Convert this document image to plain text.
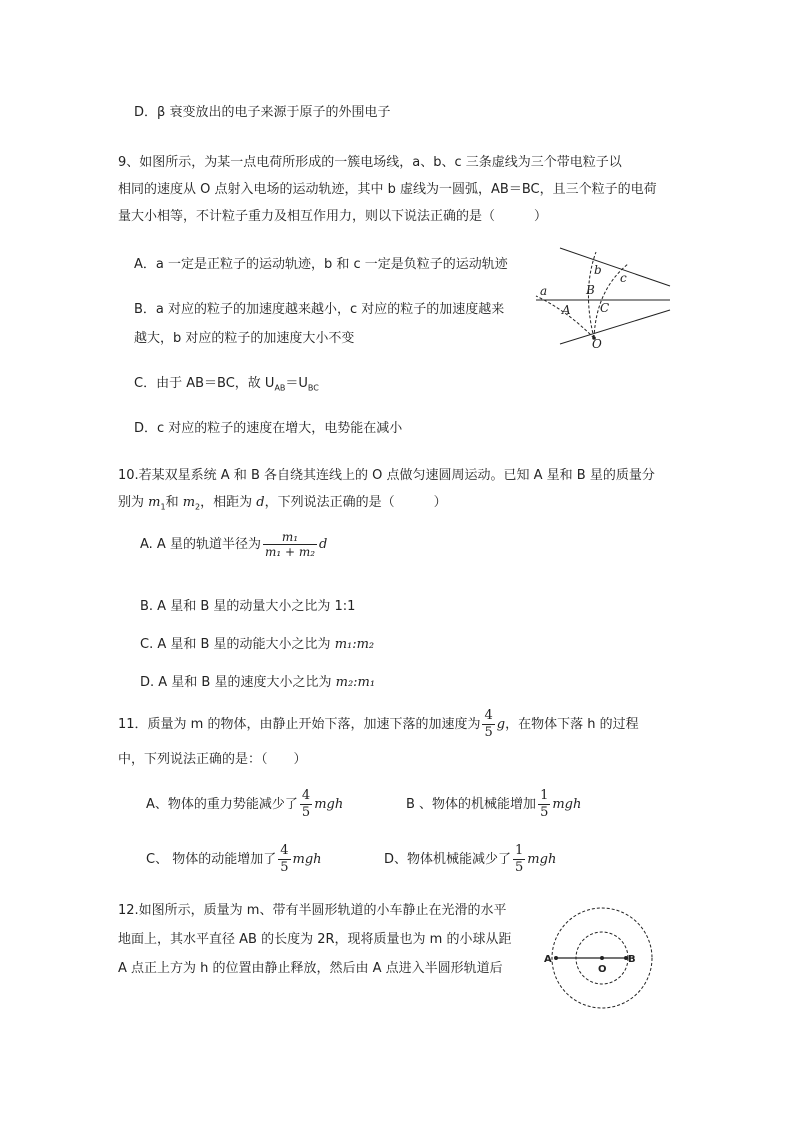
D．β 衰变放出的电子来源于原子的外围电子
9、如图所示，为某一点电荷所形成的一簇电场线，a、b、c 三条虚线为三个带电粒子以
相同的速度从 O 点射入电场的运动轨迹，其中 b 虚线为一圆弧，AB＝BC，且三个粒子的电荷
量大小相等，不计粒子重力及相互作用力，则以下说法正确的是（　　　）
A．a 一定是正粒子的运动轨迹，b 和 c 一定是负粒子的运动轨迹
B．a 对应的粒子的加速度越来越小，c 对应的粒子的加速度越来
越大，b 对应的粒子的加速度大小不变
C．由于 AB＝BC，故 $U_{AB}=U_{BC}$
D．c 对应的粒子的速度在增大，电势能在减小
a
b
c
A
B
C
O
10.若某双星系统 A 和 B 各自绕其连线上的 O 点做匀速圆周运动。已知 A 星和 B 星的质量分
别为 $m_1$和 $m_2$，相距为 d，下列说法正确的是（　　　）
A. A 星的轨道半径为 $\frac{\text{m₁}}{\text{m₁ + m₂}}$ d
B. A 星和 B 星的动量大小之比为 1:1
C. A 星和 B 星的动能大小之比为 m₁:m₂
D. A 星和 B 星的速度大小之比为 m₂:m₁
11．质量为 m 的物体，由静止开始下落，加速下落的加速度为 $\frac{4}{5}$ g，在物体下落 h 的过程
中，下列说法正确的是：（　　）
A、物体的重力势能减少了 $\frac{4}{5}$ mgh	B 、物体的机械能增加 $\frac{1}{5}$ mgh
C、 物体的动能增加了 $\frac{4}{5}$ mgh	D、物体机械能减少了 $\frac{1}{5}$ mgh
12.如图所示，质量为 m、带有半圆形轨道的小车静止在光滑的水平
地面上，其水平直径 AB 的长度为 2R，现将质量也为 m 的小球从距
A 点正上方为 h 的位置由静止释放，然后由 A 点进入半圆形轨道后
A
O
B
